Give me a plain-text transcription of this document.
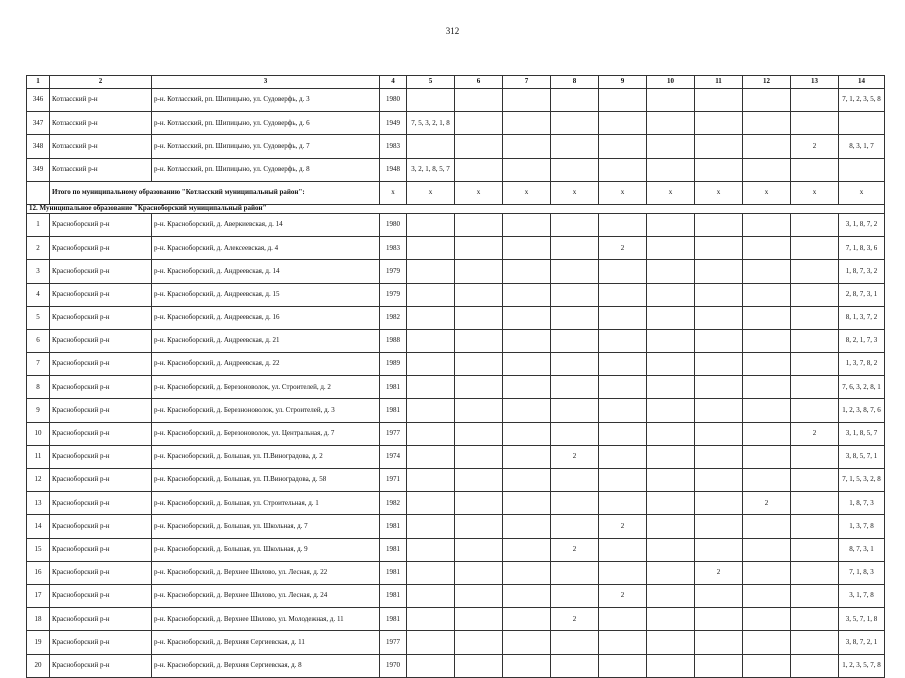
312
1	2	3	4	5	6	7	8	9	10	11	12	13	14
346	Котласский р-н	р-н. Котласский, рп. Шипицыно, ул. Судоверфь, д. 3	1980										7, 1, 2, 3, 5, 8
347	Котласский р-н	р-н. Котласский, рп. Шипицыно, ул. Судоверфь, д. 6	1949	7, 5, 3, 2, 1, 8									
348	Котласский р-н	р-н. Котласский, рп. Шипицыно, ул. Судоверфь, д. 7	1983									2	8, 3, 1, 7
349	Котласский р-н	р-н. Котласский, рп. Шипицыно, ул. Судоверфь, д. 8	1948	3, 2, 1, 8, 5, 7									
	Итого по муниципальному образованию "Котласский муниципальный район":		x	x	x	x	x	x	x	x	x	x	x
12. Муниципальное образование "Красноборский муниципальный район"													
1	Красноборский р-н	р-н. Красноборский, д. Аверкиевская, д. 14	1980										3, 1, 8, 7, 2
2	Красноборский р-н	р-н. Красноборский, д. Алексеевская, д. 4	1983					2					7, 1, 8, 3, 6
3	Красноборский р-н	р-н. Красноборский, д. Андреевская, д. 14	1979										1, 8, 7, 3, 2
4	Красноборский р-н	р-н. Красноборский, д. Андреевская, д. 15	1979										2, 8, 7, 3, 1
5	Красноборский р-н	р-н. Красноборский, д. Андреевская, д. 16	1982										8, 1, 3, 7, 2
6	Красноборский р-н	р-н. Красноборский, д. Андреевская, д. 21	1988										8, 2, 1, 7, 3
7	Красноборский р-н	р-н. Красноборский, д. Андреевская, д. 22	1989										1, 3, 7, 8, 2
8	Красноборский р-н	р-н. Красноборский, д. Березоноволок, ул. Строителей, д. 2	1981										7, 6, 3, 2, 8, 1
9	Красноборский р-н	р-н. Красноборский, д. Березноноволок, ул. Строителей, д. 3	1981										1, 2, 3, 8, 7, 6
10	Красноборский р-н	р-н. Красноборский, д. Березоноволок, ул. Центральная, д. 7	1977									2	3, 1, 8, 5, 7
11	Красноборский р-н	р-н. Красноборский, д. Большая, ул. П.Виноградова, д. 2	1974				2						3, 8, 5, 7, 1
12	Красноборский р-н	р-н. Красноборский, д. Большая, ул. П.Виноградова, д. 58	1971										7, 1, 5, 3, 2, 8
13	Красноборский р-н	р-н. Красноборский, д. Большая, ул. Строительная, д. 1	1982								2		1, 8, 7, 3
14	Красноборский р-н	р-н. Красноборский, д. Большая, ул. Школьная, д. 7	1981					2					1, 3, 7, 8
15	Красноборский р-н	р-н. Красноборский, д. Большая, ул. Школьная, д. 9	1981				2						8, 7, 3, 1
16	Красноборский р-н	р-н. Красноборский, д. Верхнее Шилово, ул. Лесная, д. 22	1981							2			7, 1, 8, 3
17	Красноборский р-н	р-н. Красноборский, д. Верхнее Шилово, ул. Лесная, д. 24	1981					2					3, 1, 7, 8
18	Красноборский р-н	р-н. Красноборский, д. Верхнее Шилово, ул. Молодежная, д. 11	1981				2						3, 5, 7, 1, 8
19	Красноборский р-н	р-н. Красноборский, д. Верхняя Сергиевская, д. 11	1977										3, 8, 7, 2, 1
20	Красноборский р-н	р-н. Красноборский, д. Верхняя Сергиевская, д. 8	1970										1, 2, 3, 5, 7, 8
